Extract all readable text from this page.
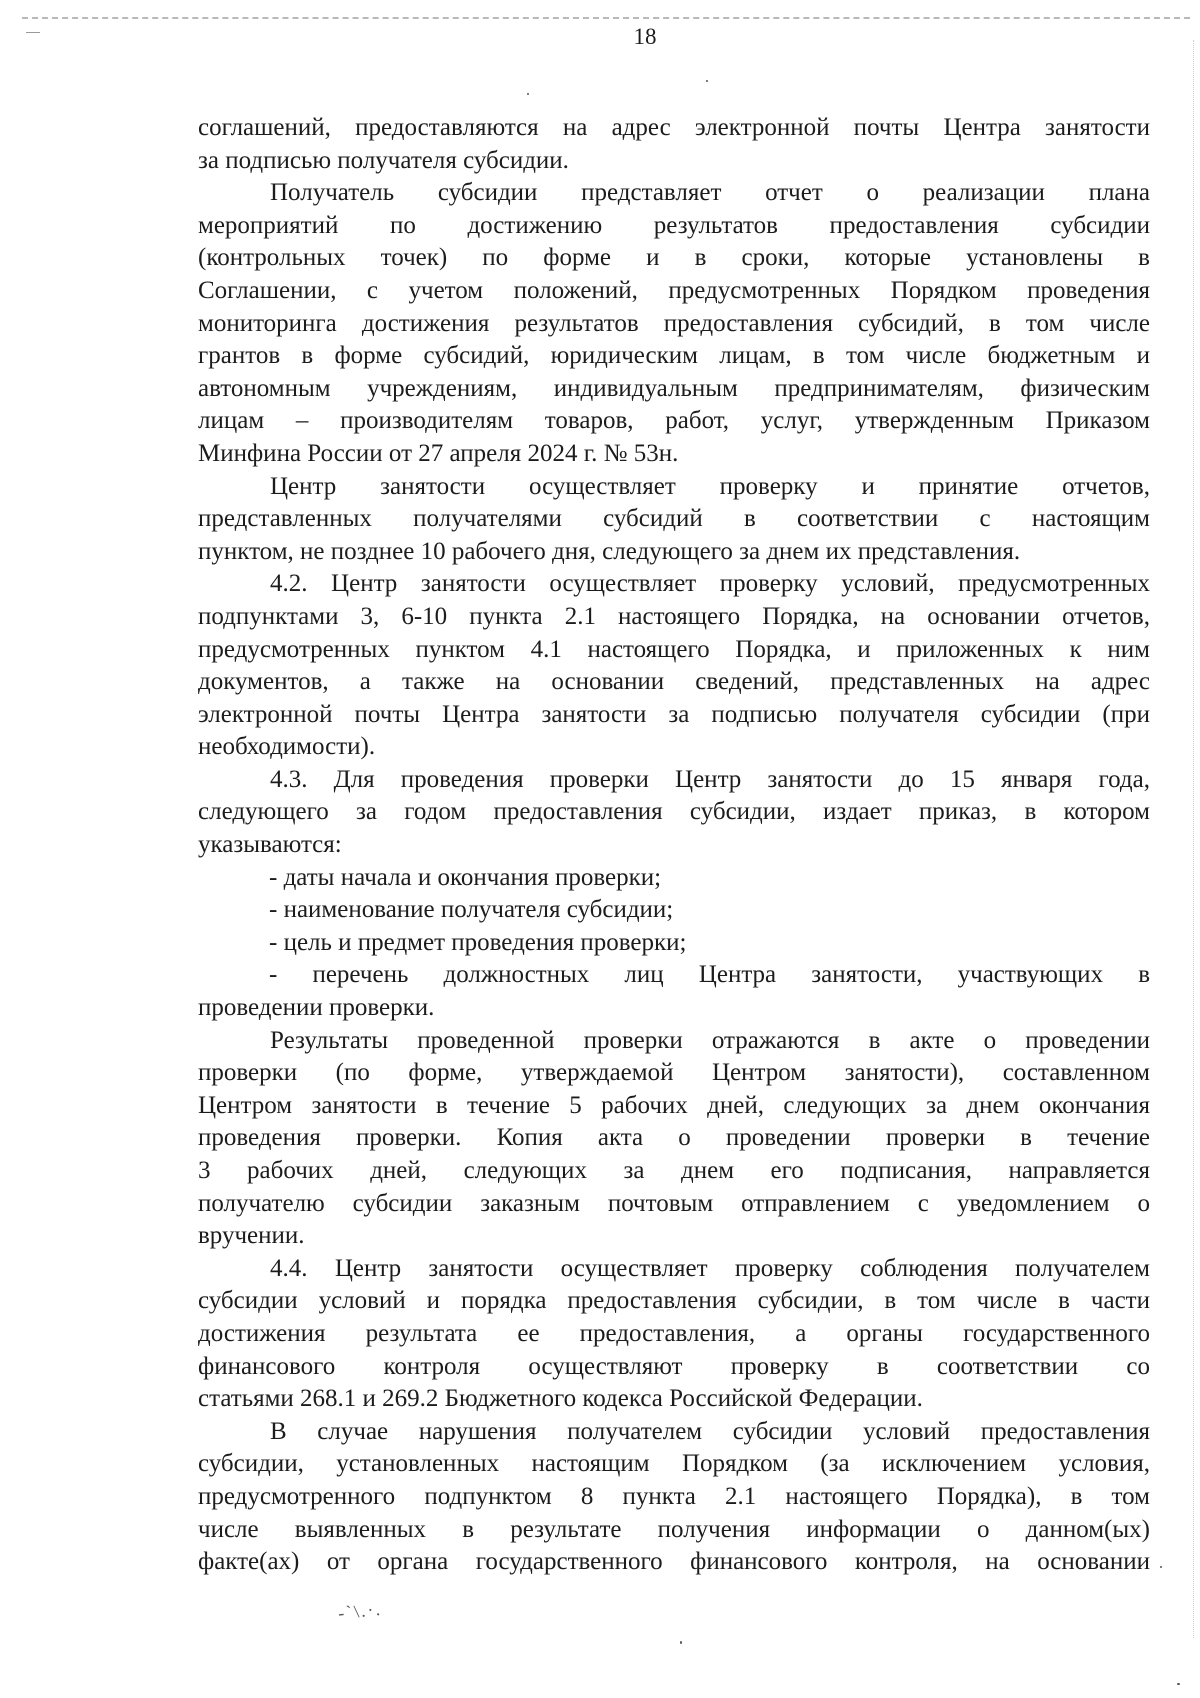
18
соглашений, предоставляются на адрес электронной почты Центра занятости
за подписью получателя субсидии.
Получатель субсидии представляет отчет о реализации плана
мероприятий по достижению результатов предоставления субсидии
(контрольных точек) по форме и в сроки, которые установлены в
Соглашении, с учетом положений, предусмотренных Порядком проведения
мониторинга достижения результатов предоставления субсидий, в том числе
грантов в форме субсидий, юридическим лицам, в том числе бюджетным и
автономным учреждениям, индивидуальным предпринимателям, физическим
лицам – производителям товаров, работ, услуг, утвержденным Приказом
Минфина России от 27 апреля 2024 г. № 53н.
Центр занятости осуществляет проверку и принятие отчетов,
представленных получателями субсидий в соответствии с настоящим
пунктом, не позднее 10 рабочего дня, следующего за днем их представления.
4.2. Центр занятости осуществляет проверку условий, предусмотренных
подпунктами 3, 6-10 пункта 2.1 настоящего Порядка, на основании отчетов,
предусмотренных пунктом 4.1 настоящего Порядка, и приложенных к ним
документов, а также на основании сведений, представленных на адрес
электронной почты Центра занятости за подписью получателя субсидии (при
необходимости).
4.3. Для проведения проверки Центр занятости до 15 января года,
следующего за годом предоставления субсидии, издает приказ, в котором
указываются:
- даты начала и окончания проверки;
- наименование получателя субсидии;
- цель и предмет проведения проверки;
- перечень должностных лиц Центра занятости, участвующих в
проведении проверки.
Результаты проведенной проверки отражаются в акте о проведении
проверки (по форме, утверждаемой Центром занятости), составленном
Центром занятости в течение 5 рабочих дней, следующих за днем окончания
проведения проверки. Копия акта о проведении проверки в течение
3 рабочих дней, следующих за днем его подписания, направляется
получателю субсидии заказным почтовым отправлением с уведомлением о
вручении.
4.4. Центр занятости осуществляет проверку соблюдения получателем
субсидии условий и порядка предоставления субсидии, в том числе в части
достижения результата ее предоставления, а органы государственного
финансового контроля осуществляют проверку в соответствии со
статьями 268.1 и 269.2 Бюджетного кодекса Российской Федерации.
В случае нарушения получателем субсидии условий предоставления
субсидии, установленных настоящим Порядком (за исключением условия,
предусмотренного подпунктом 8 пункта 2.1 настоящего Порядка), в том
числе выявленных в результате получения информации о данном(ых)
факте(ах) от органа государственного финансового контроля, на основании
-`\.·.
